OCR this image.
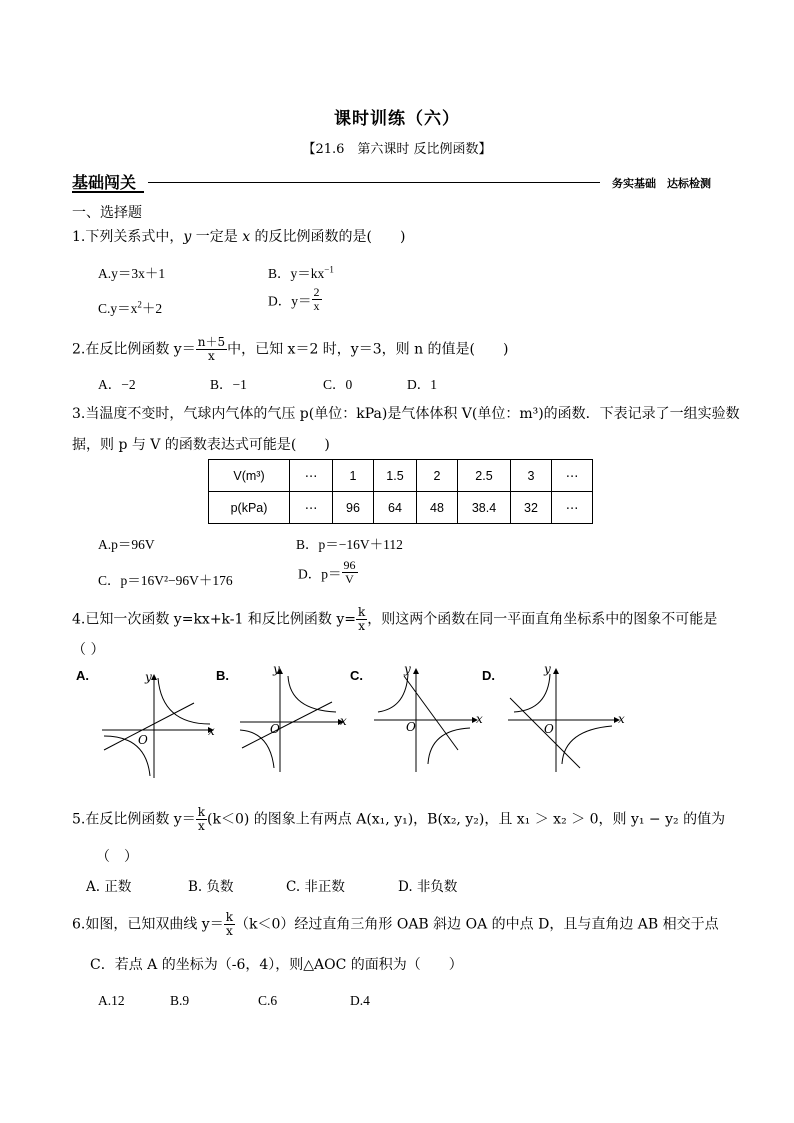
课时训练（六）
【21.6　第六课时 反比例函数】
基础闯关	务实基础　达标检测
一、选择题
1.下列关系式中，y 一定是 x 的反比例函数的是(　　)
A.y＝3x＋1	B．$y=kx^{-1}$
$C.y=x^2+2$	D．$y= \frac{2}{x}$
2.在反比例函数 $y= \frac{n+5}{x}$ 中，已知 x＝2 时，y＝3，则 n 的值是(　　)
A．−2	B．−1	C．0	D．1
3.当温度不变时，气球内气体的气压 p(单位：kPa)是气体体积 V(单位：m³)的函数．下表记录了一组实验数
据，则 p 与 V 的函数表达式可能是(　　)
V(m³)	⋯	1	1.5	2	2.5	3	⋯
p(kPa)	⋯	96	64	48	38.4	32	⋯
A.p＝96V	B．p＝−16V＋112
C．p＝16V²−96V＋176	D．$p= \frac{96}{V}$
4.已知一次函数 y=kx+k-1 和反比例函数 $y= \frac{k}{x}$ ，则这两个函数在同一平面直角坐标系中的图象不可能是
（ ）
A.	y
x
O
B.	y
x
O
C.	y
x
O
D.	y
x
O
5.在反比例函数 $y= \frac{k}{x} (k<0)$ 的图象上有两点 A(x₁, y₁)，B(x₂, y₂)，且 x₁ ＞ x₂ ＞ 0，则 y₁ − y₂ 的值为
（　）
A. 正数	B. 负数	C. 非正数	D. 非负数
6.如图，已知双曲线 $y= \frac{k}{x} (k<0)$经过直角三角形 OAB 斜边 OA 的中点 D，且与直角边 AB 相交于点
C．若点 A 的坐标为（-6，4），则△AOC 的面积为（　　）
A.12	B.9	C.6	D.4
